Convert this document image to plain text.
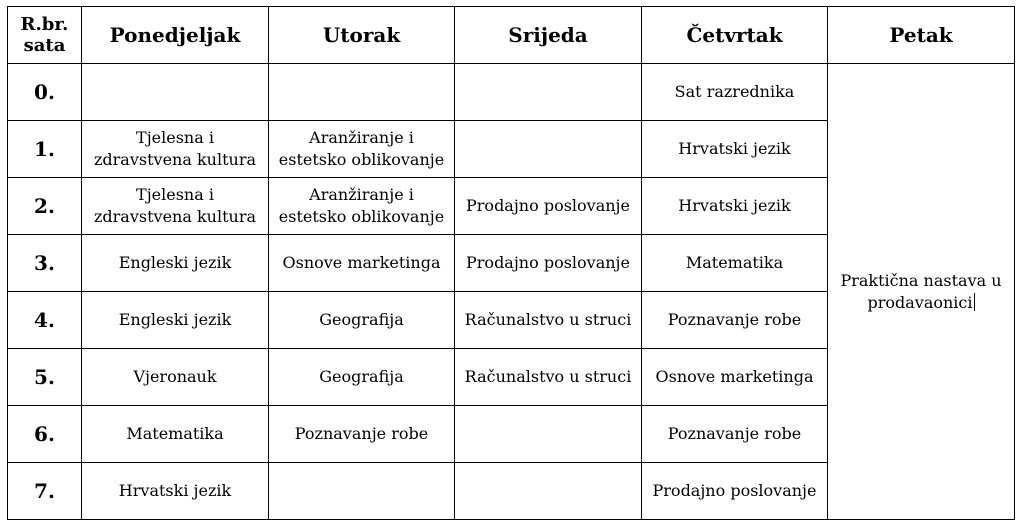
R.br. sata	Ponedjeljak	Utorak	Srijeda	Četvrtak	Petak
0.				Sat razrednika	Praktična nastava u prodavaonici
1.	Tjelesna i zdravstvena kultura	Aranžiranje i estetsko oblikovanje		Hrvatski jezik	
2.	Tjelesna i zdravstvena kultura	Aranžiranje i estetsko oblikovanje	Prodajno poslovanje	Hrvatski jezik	
3.	Engleski jezik	Osnove marketinga	Prodajno poslovanje	Matematika	
4.	Engleski jezik	Geografija	Računalstvo u struci	Poznavanje robe	
5.	Vjeronauk	Geografija	Računalstvo u struci	Osnove marketinga	
6.	Matematika	Poznavanje robe		Poznavanje robe	
7.	Hrvatski jezik			Prodajno poslovanje	
